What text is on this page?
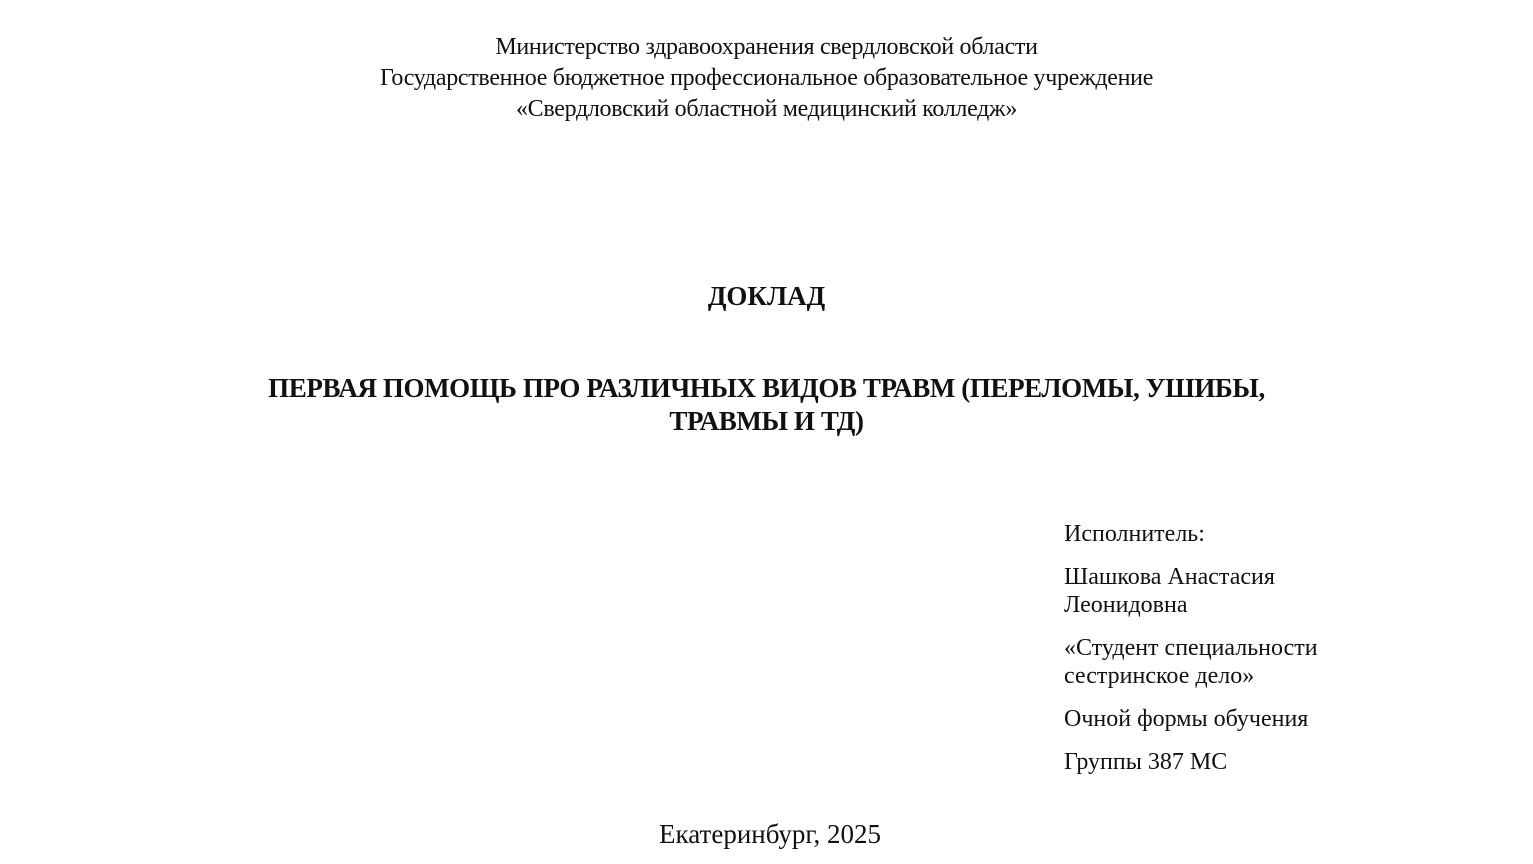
Министерство здравоохранения свердловской области
Государственное бюджетное профессиональное образовательное учреждение
«Свердловский областной медицинский колледж»
ДОКЛАД
ПЕРВАЯ ПОМОЩЬ ПРО РАЗЛИЧНЫХ ВИДОВ ТРАВМ (ПЕРЕЛОМЫ, УШИБЫ,
ТРАВМЫ И ТД)

Исполнитель:

Шашкова Анастасия
Леонидовна

«Студент специальности
сестринское дело»

Очной формы обучения

Группы 387 МС

Екатеринбург, 2025
